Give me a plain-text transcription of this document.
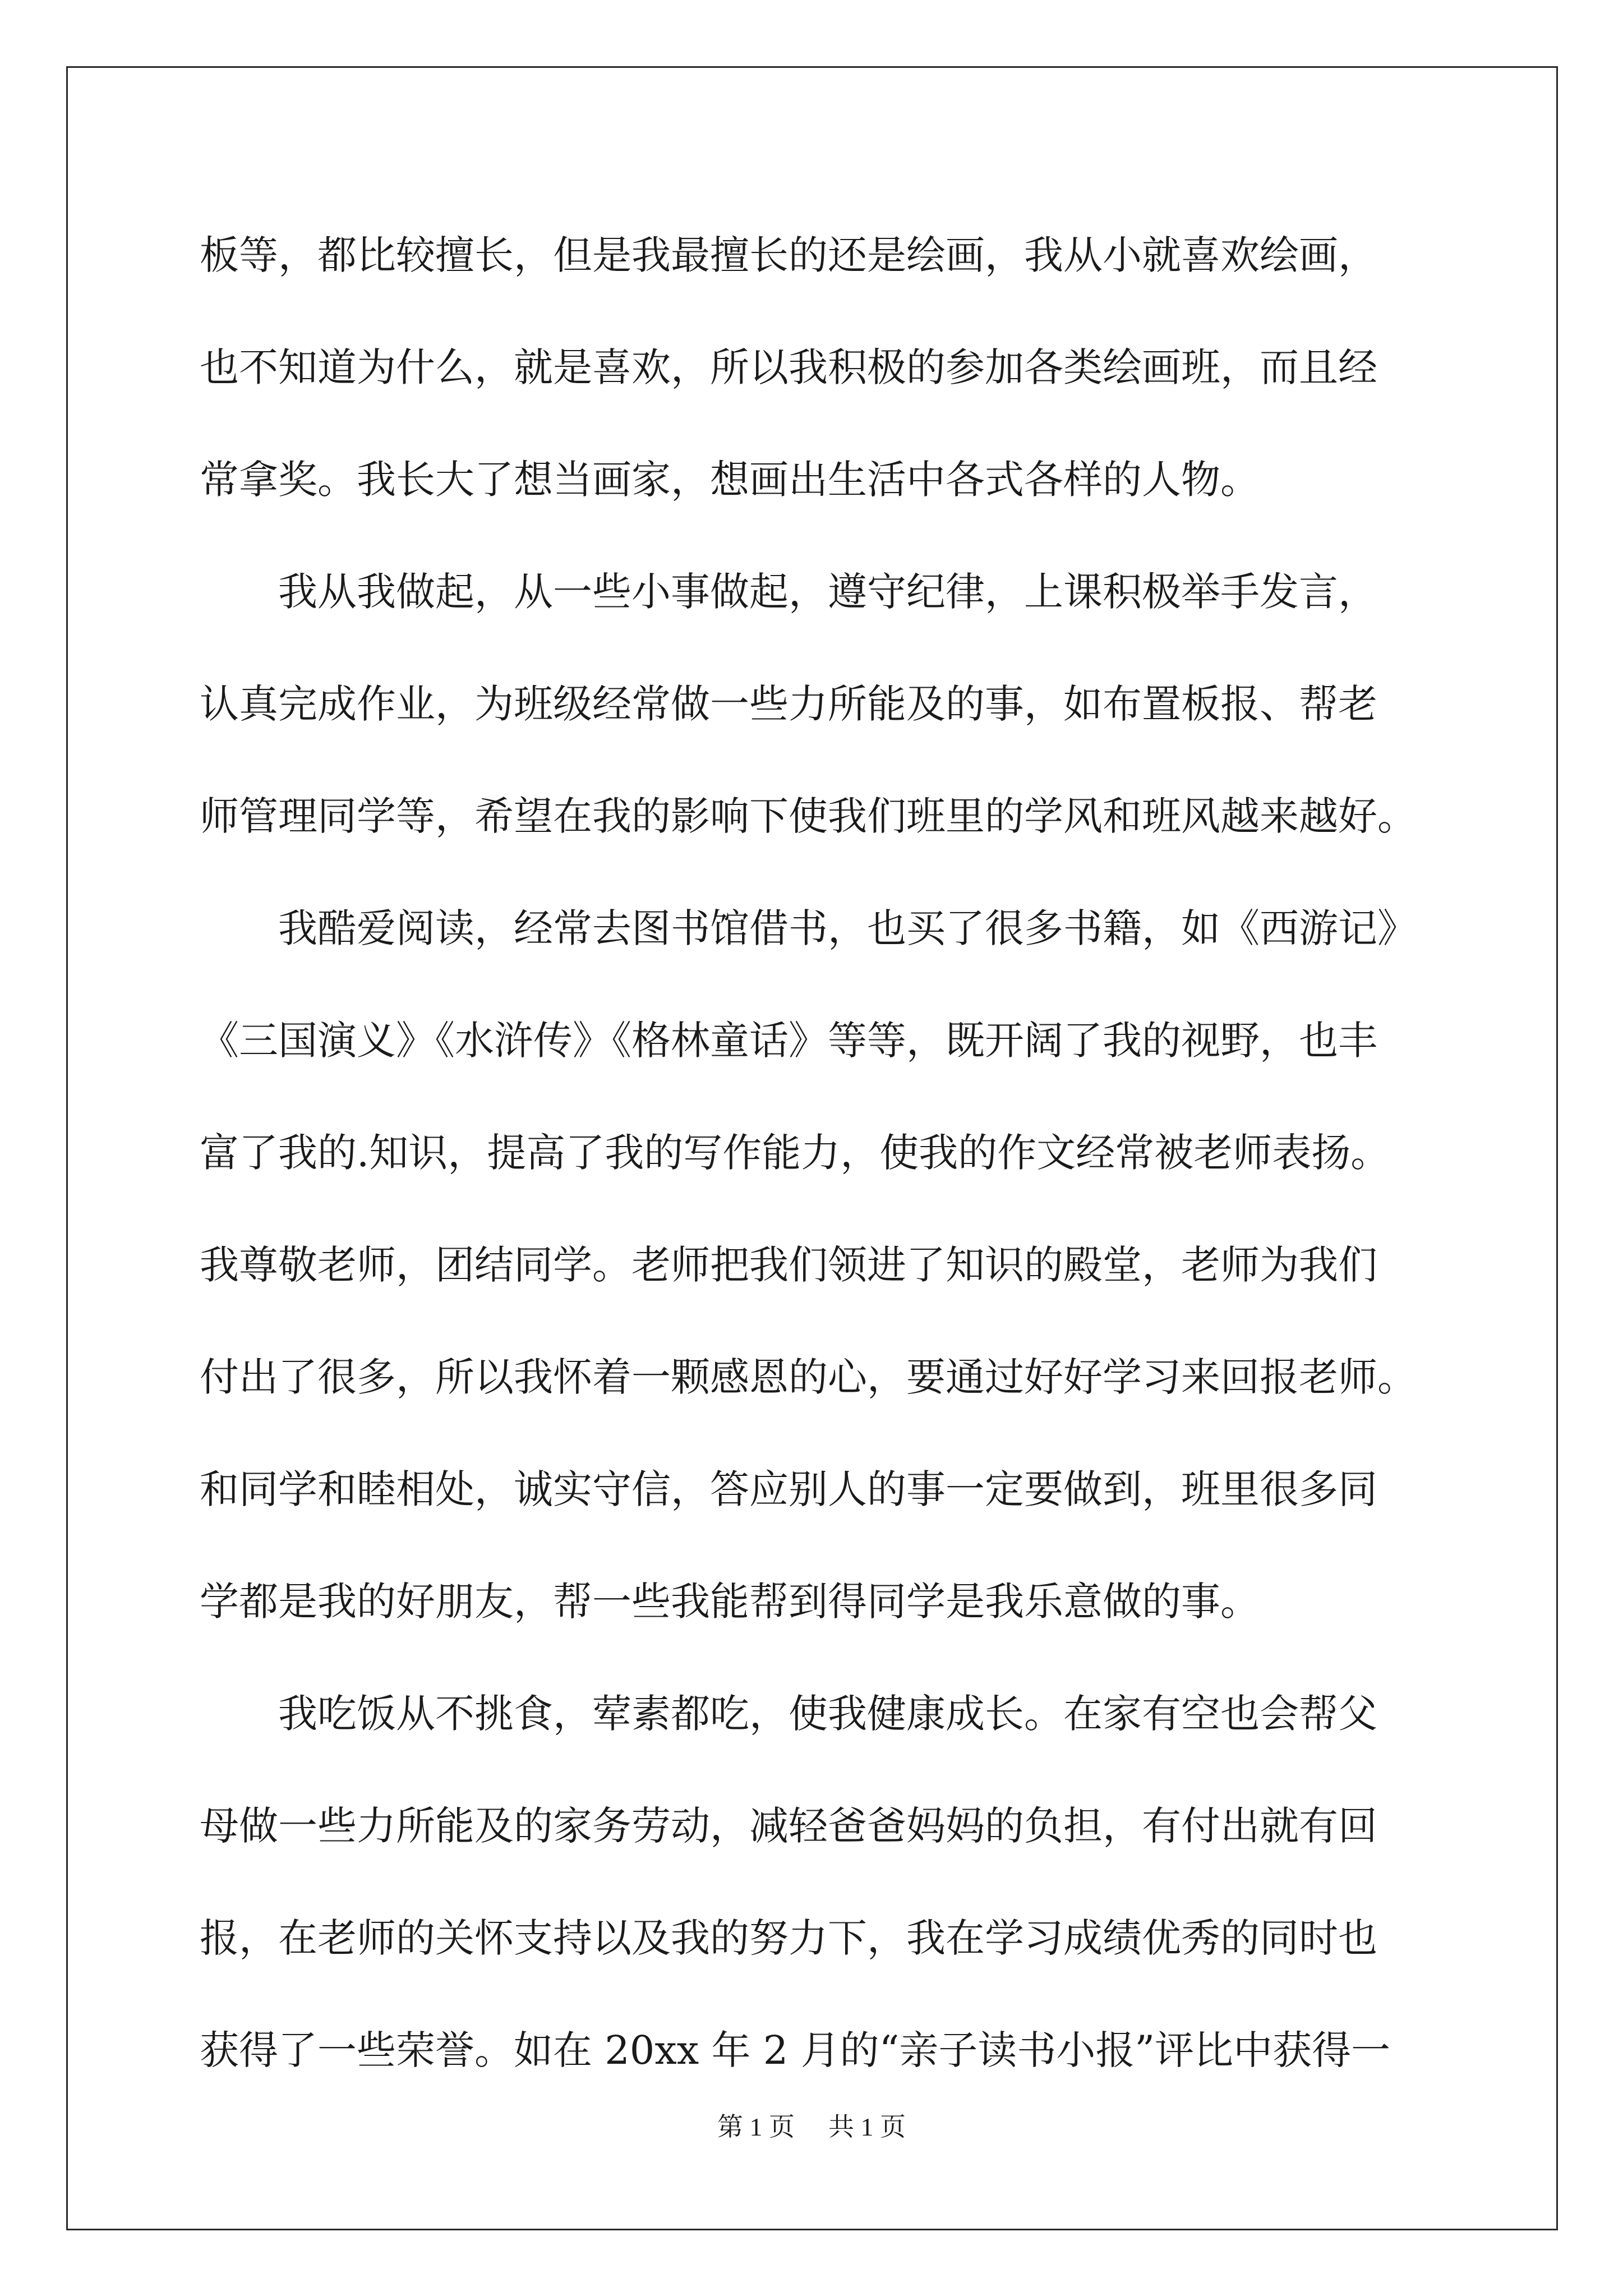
板等，都比较擅长，但是我最擅长的还是绘画，我从小就喜欢绘画，
也不知道为什么，就是喜欢，所以我积极的参加各类绘画班，而且经
常拿奖。我长大了想当画家，想画出生活中各式各样的人物。
　　我从我做起，从一些小事做起，遵守纪律，上课积极举手发言，
认真完成作业，为班级经常做一些力所能及的事，如布置板报、帮老
师管理同学等，希望在我的影响下使我们班里的学风和班风越来越好。
　　我酷爱阅读，经常去图书馆借书，也买了很多书籍，如《西游记》
《三国演义》《水浒传》《格林童话》等等，既开阔了我的视野，也丰
富了我的.知识，提高了我的写作能力，使我的作文经常被老师表扬。
我尊敬老师，团结同学。老师把我们领进了知识的殿堂，老师为我们
付出了很多，所以我怀着一颗感恩的心，要通过好好学习来回报老师。
和同学和睦相处，诚实守信，答应别人的事一定要做到，班里很多同
学都是我的好朋友，帮一些我能帮到得同学是我乐意做的事。
　　我吃饭从不挑食，荤素都吃，使我健康成长。在家有空也会帮父
母做一些力所能及的家务劳动，减轻爸爸妈妈的负担，有付出就有回
报，在老师的关怀支持以及我的努力下，我在学习成绩优秀的同时也
获得了一些荣誉。如在 20xx 年 2 月的“亲子读书小报”评比中获得一
第 1 页 共 1 页
